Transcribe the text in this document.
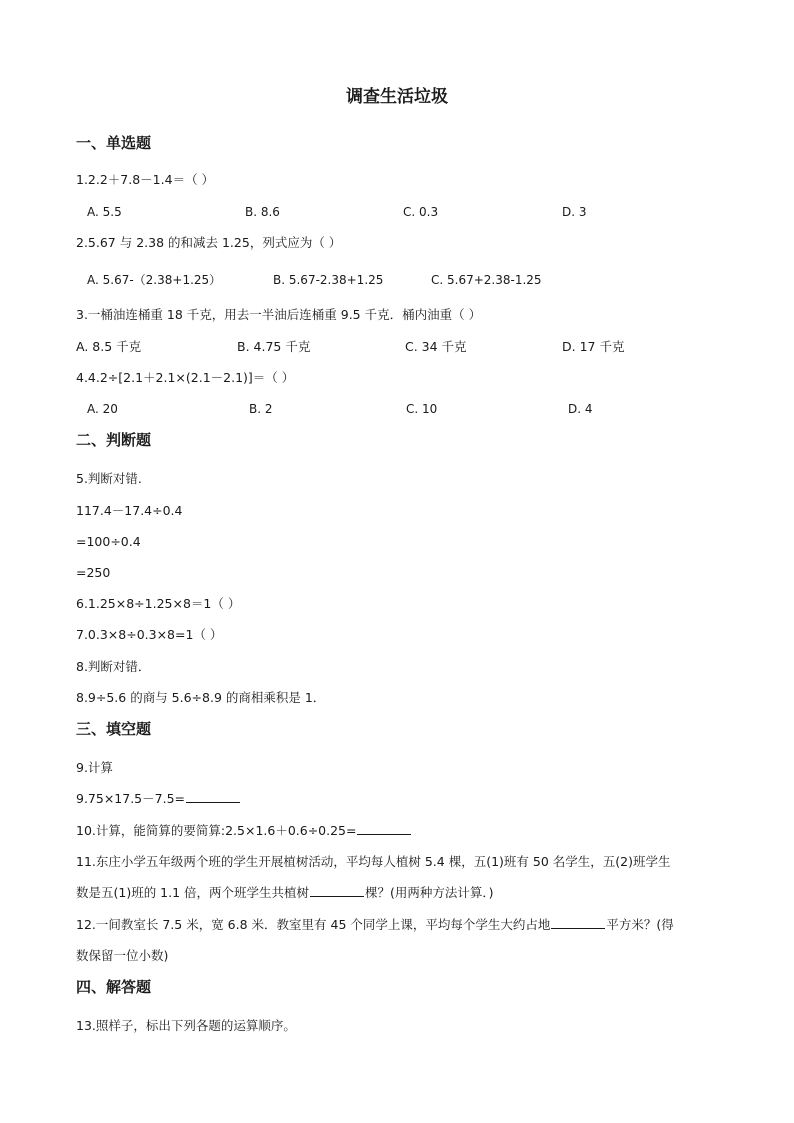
调查生活垃圾
一、单选题
1.2.2＋7.8－1.4＝（ ）
A. 5.5	B. 8.6	C. 0.3	D. 3
2.5.67 与 2.38 的和减去 1.25，列式应为（ ）
A. 5.67-（2.38+1.25）	B. 5.67-2.38+1.25	C. 5.67+2.38-1.25
3.一桶油连桶重 18 千克，用去一半油后连桶重 9.5 千克．桶内油重（ ）
A. 8.5 千克	B. 4.75 千克	C. 34 千克	D. 17 千克
4.4.2÷[2.1＋2.1×(2.1－2.1)]＝（ ）
A. 20	B. 2	C. 10	D. 4
二、判断题
5.判断对错.
117.4－17.4÷0.4
=100÷0.4
=250
6.1.25×8÷1.25×8＝1（ ）
7.0.3×8÷0.3×8=1（ ）
8.判断对错．
8.9÷5.6 的商与 5.6÷8.9 的商相乘积是 1．
三、填空题
9.计算
9.75×17.5－7.5=
10.计算，能简算的要简算:2.5×1.6＋0.6÷0.25=
11.东庄小学五年级两个班的学生开展植树活动，平均每人植树 5.4 棵，五(1)班有 50 名学生，五(2)班学生
数是五(1)班的 1.1 倍，两个班学生共植树	棵？(用两种方法计算．)
12.一间教室长 7.5 米，宽 6.8 米．教室里有 45 个同学上课，平均每个学生大约占地	平方米？(得
数保留一位小数)
四、解答题
13.照样子，标出下列各题的运算顺序。
